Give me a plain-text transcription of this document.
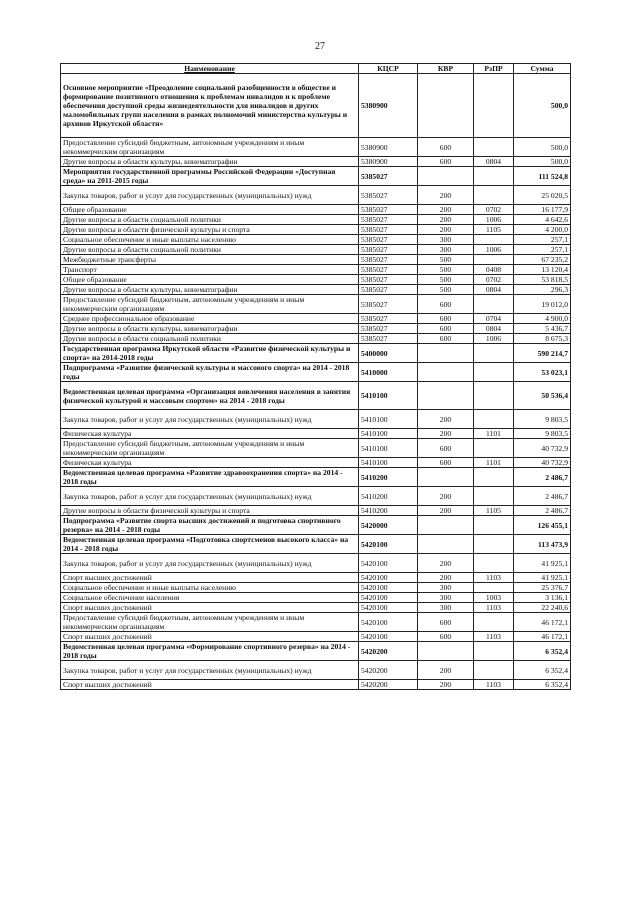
27
Наименование	КЦСР	КВР	РзПР	Сумма
Основное мероприятие «Преодоление социальной разобщенности в обществе и формирование позитивного отношения к проблемам инвалидов и к проблеме обеспечения доступной среды жизнедеятельности для инвалидов и других маломобильных групп населения в рамках полномочий министерства культуры и архивов Иркутской области»	5380900			500,0
Предоставление субсидий бюджетным, автономным учреждениям и иным некоммерческим организациям	5380900	600		500,0
Другие вопросы в области культуры, кинематографии	5380900	600	0804	500,0
Мероприятия государственной программы Российской Федерации «Доступная среда» на 2011-2015 годы	5385027			111 524,8
Закупка товаров, работ и услуг для государственных (муниципальных) нужд	5385027	200		25 020,5
Общее образование	5385027	200	0702	16 177,9
Другие вопросы в области социальной политики	5385027	200	1006	4 642,6
Другие вопросы в области физической культуры и спорта	5385027	200	1105	4 200,0
Социальное обеспечение и иные выплаты населению	5385027	300		257,1
Другие вопросы в области социальной политики	5385027	300	1006	257,1
Межбюджетные трансферты	5385027	500		67 235,2
Транспорт	5385027	500	0408	13 120,4
Общее образование	5385027	500	0702	53 818,5
Другие вопросы в области культуры, кинематографии	5385027	500	0804	296,3
Предоставление субсидий бюджетным, автономным учреждениям и иным некоммерческим организациям	5385027	600		19 012,0
Среднее профессиональное образование	5385027	600	0704	4 900,0
Другие вопросы в области культуры, кинематографии	5385027	600	0804	5 436,7
Другие вопросы в области социальной политики	5385027	600	1006	8 675,3
Государственная программа Иркутской области «Развитие физической культуры и спорта» на 2014-2018 годы	5400000			590 214,7
Подпрограмма «Развитие физической культуры и массового спорта» на 2014 - 2018 годы	5410000			53 023,1
Ведомственная целевая программа «Организация вовлечения населения в занятия физической культурой и массовым спортом» на 2014 - 2018 годы	5410100			50 536,4
Закупка товаров, работ и услуг для государственных (муниципальных) нужд	5410100	200		9 803,5
Физическая культура	5410100	200	1101	9 803,5
Предоставление субсидий бюджетным, автономным учреждениям и иным некоммерческим организациям	5410100	600		40 732,9
Физическая культура	5410100	600	1101	40 732,9
Ведомственная целевая программа «Развитие здравоохранения спорта» на 2014 - 2018 годы	5410200			2 486,7
Закупка товаров, работ и услуг для государственных (муниципальных) нужд	5410200	200		2 486,7
Другие вопросы в области физической культуры и спорта	5410200	200	1105	2 486,7
Подпрограмма «Развитие спорта высших достижений и подготовка спортивного резерва» на 2014 - 2018 годы	5420000			126 455,1
Ведомственная целевая программа «Подготовка спортсменов высокого класса» на 2014 - 2018 годы	5420100			113 473,9
Закупка товаров, работ и услуг для государственных (муниципальных) нужд	5420100	200		41 925,1
Спорт высших достижений	5420100	200	1103	41 925,1
Социальное обеспечение и иные выплаты населению	5420100	300		25 376,7
Социальное обеспечение населения	5420100	300	1003	3 136,1
Спорт высших достижений	5420100	300	1103	22 240,6
Предоставление субсидий бюджетным, автономным учреждениям и иным некоммерческим организациям	5420100	600		46 172,1
Спорт высших достижений	5420100	600	1103	46 172,1
Ведомственная целевая программа «Формирование спортивного резерва» на 2014 - 2018 годы	5420200			6 352,4
Закупка товаров, работ и услуг для государственных (муниципальных) нужд	5420200	200		6 352,4
Спорт высших достижений	5420200	200	1103	6 352,4
